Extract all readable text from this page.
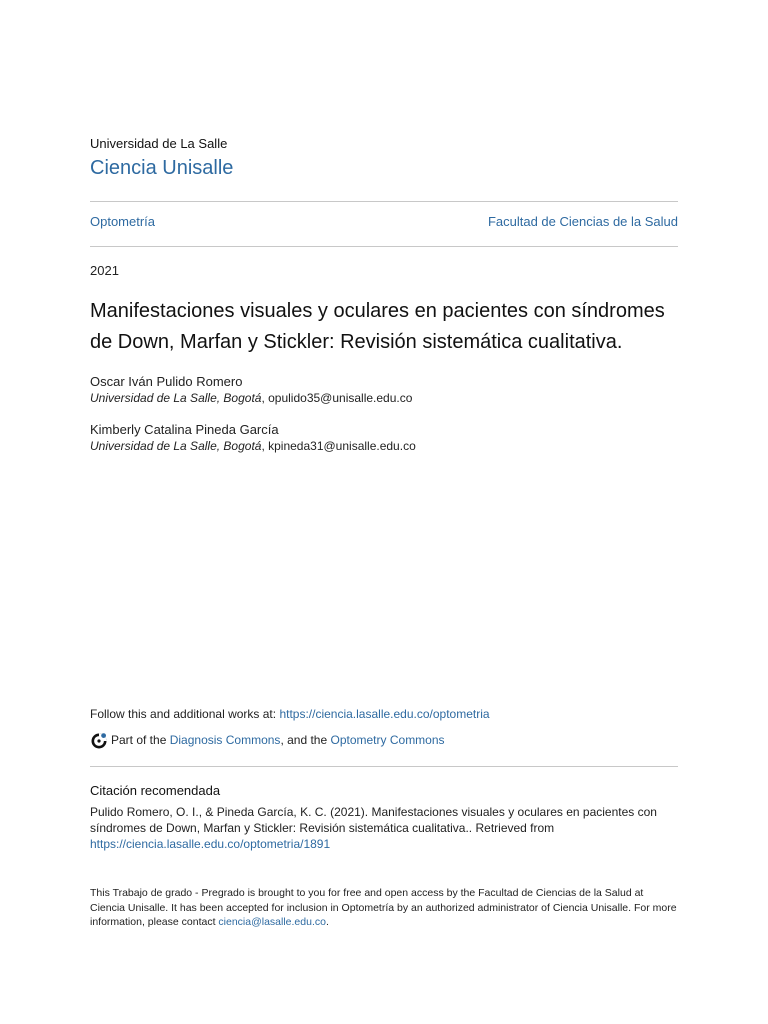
Universidad de La Salle
Ciencia Unisalle
Optometría	Facultad de Ciencias de la Salud
2021
Manifestaciones visuales y oculares en pacientes con síndromes de Down, Marfan y Stickler: Revisión sistemática cualitativa.
Oscar Iván Pulido Romero
Universidad de La Salle, Bogotá, opulido35@unisalle.edu.co
Kimberly Catalina Pineda García
Universidad de La Salle, Bogotá, kpineda31@unisalle.edu.co
Follow this and additional works at: https://ciencia.lasalle.edu.co/optometria
Part of the
Diagnosis Commons , and the
Optometry Commons
Citación recomendada
Pulido Romero, O. I., & Pineda García, K. C. (2021). Manifestaciones visuales y oculares en pacientes con síndromes de Down, Marfan y Stickler: Revisión sistemática cualitativa.. Retrieved from
https://ciencia.lasalle.edu.co/optometria/1891
This Trabajo de grado - Pregrado is brought to you for free and open access by the Facultad de Ciencias de la Salud at Ciencia Unisalle. It has been accepted for inclusion in Optometría by an authorized administrator of Ciencia Unisalle. For more information, please contact ciencia@lasalle.edu.co.
